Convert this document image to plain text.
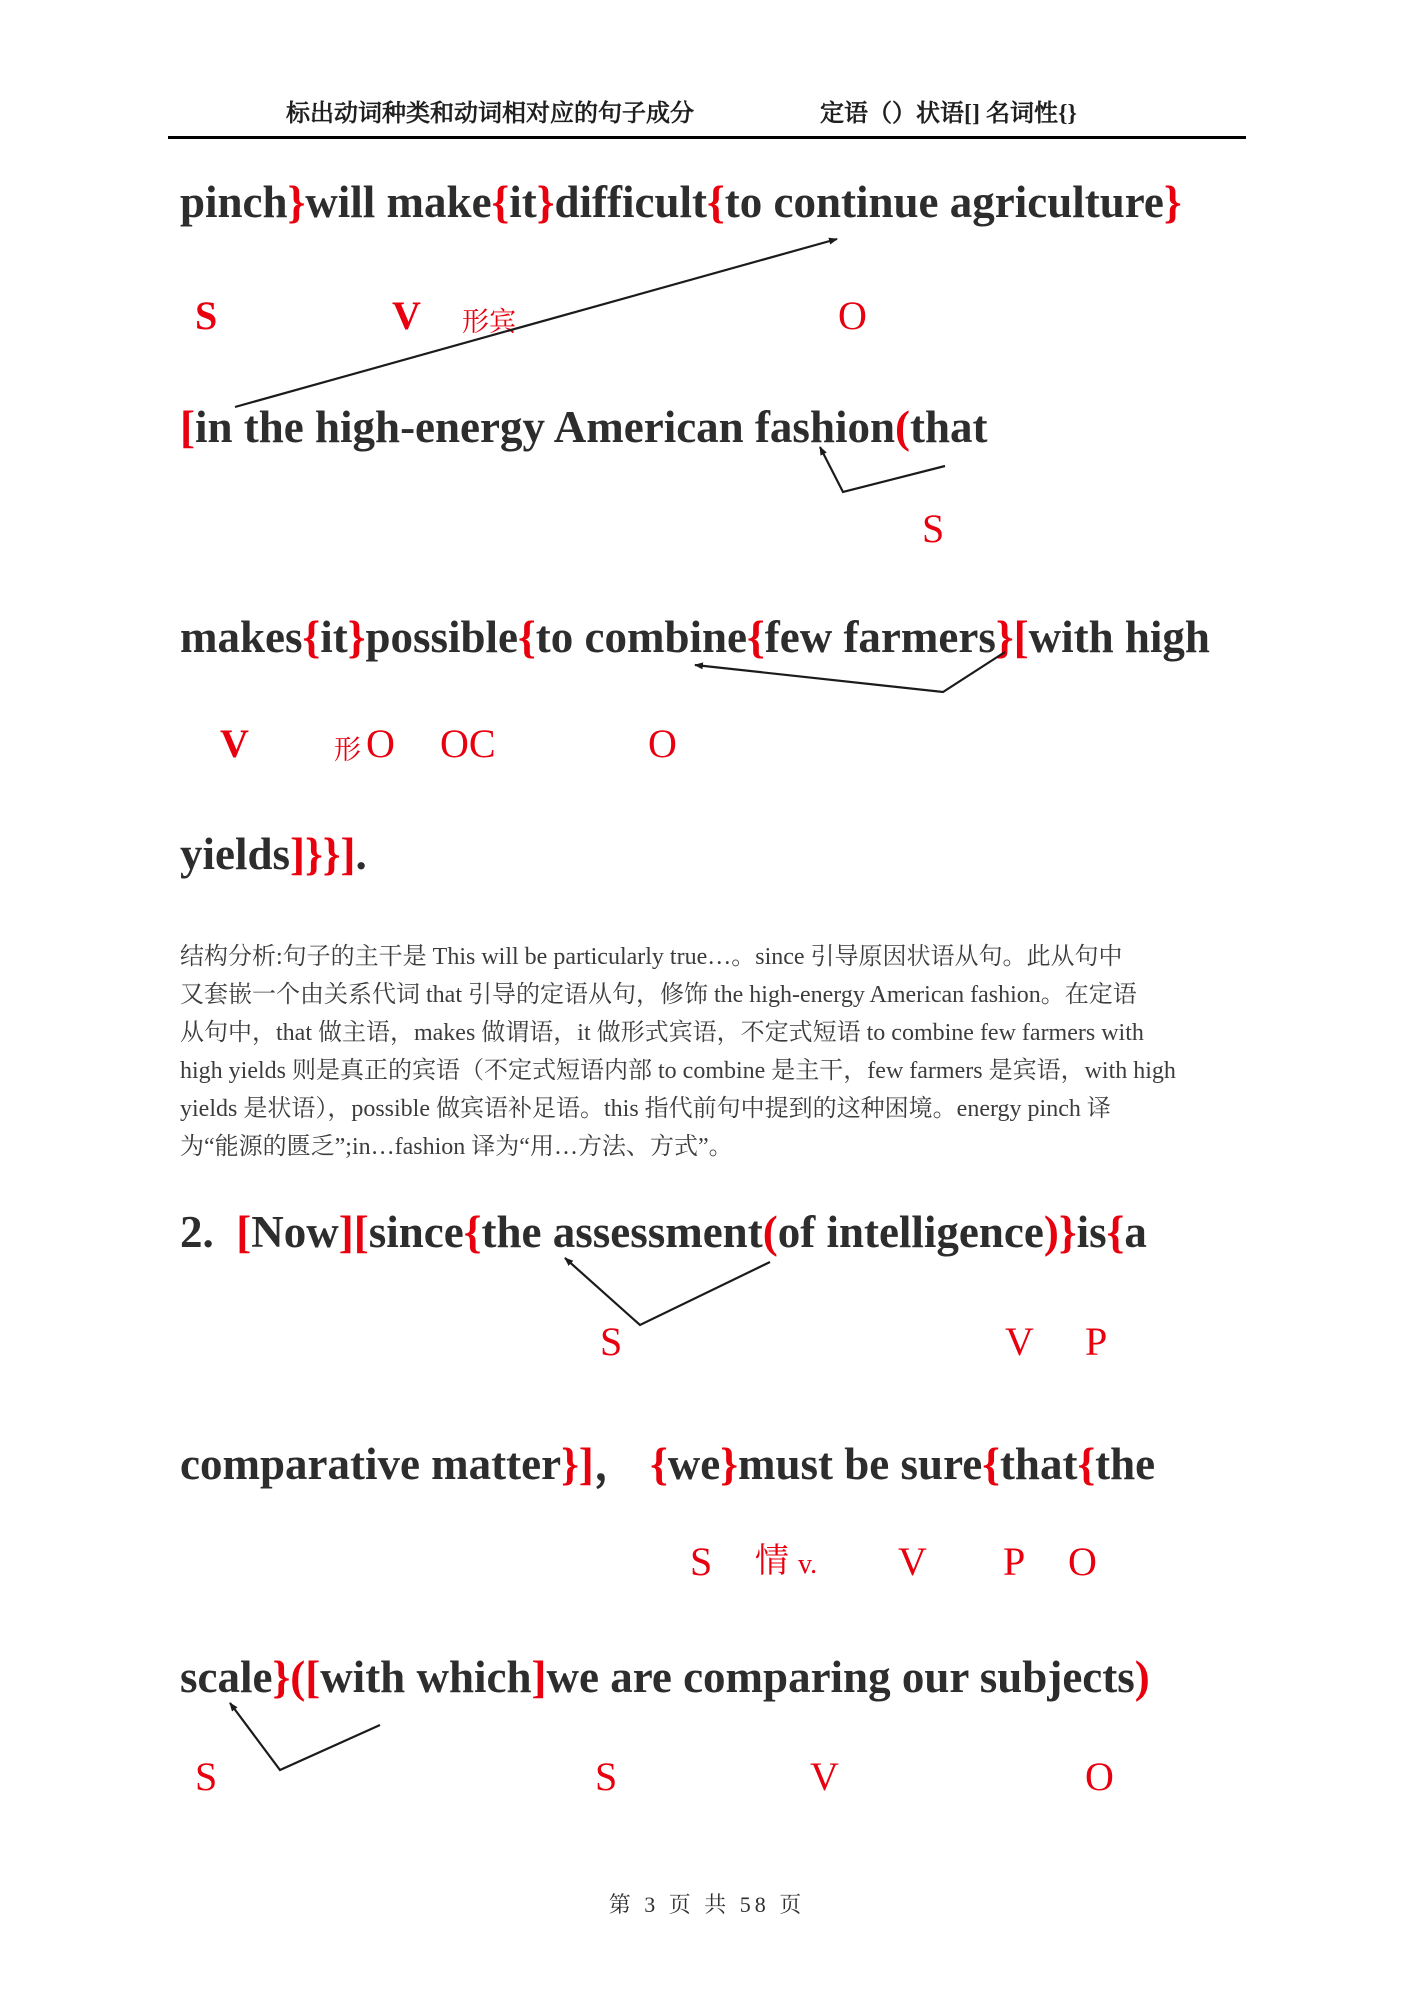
标出动词种类和动词相对应的句子成分	定语（）状语[] 名词性{}
pinch}will make{it}difficult{to continue agriculture}
[in the high-energy American fashion(that
makes{it}possible{to combine{few farmers}[with high
yields]}}].
2. [Now][since{the assessment(of intelligence)}is{a
comparative matter}]， {we}must be sure{that{the
scale}([with which]we are comparing our subjects)
S	V 形宾	O
S
V	形 O OC	O
S	V P
S 情 v. V P O
S	S	V	O
结构分析:句子的主干是 This will be particularly true…。since 引导原因状语从句。此从句中
又套嵌一个由关系代词 that 引导的定语从句，修饰 the high-energy American fashion。在定语
从句中，that 做主语，makes 做谓语，it 做形式宾语，不定式短语 to combine few farmers with
high yields 则是真正的宾语（不定式短语内部 to combine 是主干，few farmers 是宾语，with high
yields 是状语），possible 做宾语补足语。this 指代前句中提到的这种困境。energy pinch 译
为“能源的匮乏”;in…fashion 译为“用…方法、方式”。
第 3 页 共 58 页
